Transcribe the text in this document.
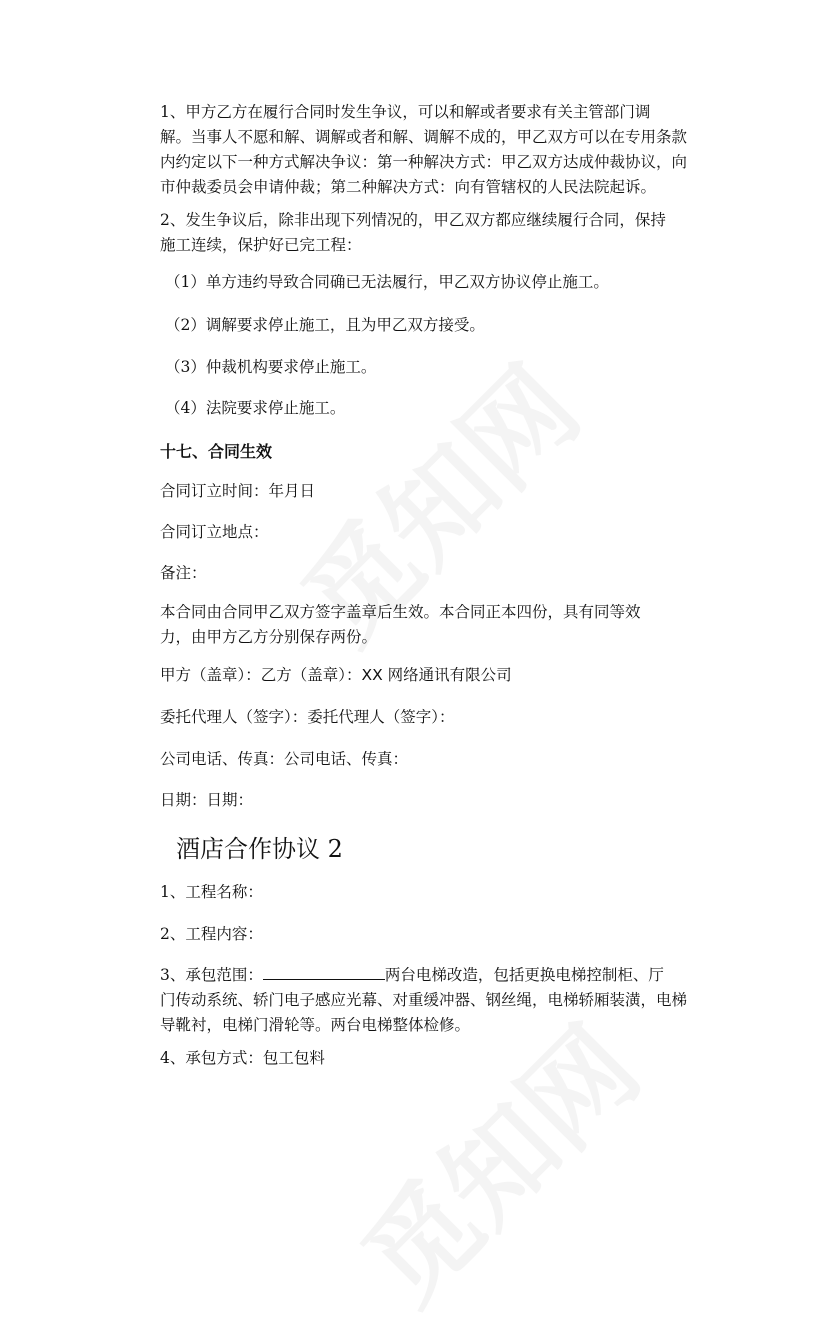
1、甲方乙方在履行合同时发生争议，可以和解或者要求有关主管部门调
解。当事人不愿和解、调解或者和解、调解不成的，甲乙双方可以在专用条款
内约定以下一种方式解决争议：第一种解决方式：甲乙双方达成仲裁协议，向
市仲裁委员会申请仲裁；第二种解决方式：向有管辖权的人民法院起诉。
2、发生争议后，除非出现下列情况的，甲乙双方都应继续履行合同，保持
施工连续，保护好已完工程：
（1）单方违约导致合同确已无法履行，甲乙双方协议停止施工。
（2）调解要求停止施工，且为甲乙双方接受。
（3）仲裁机构要求停止施工。
（4）法院要求停止施工。
十七、合同生效
合同订立时间：年月日
合同订立地点：
备注：
本合同由合同甲乙双方签字盖章后生效。本合同正本四份，具有同等效
力，由甲方乙方分别保存两份。
甲方（盖章）：乙方（盖章）：XX 网络通讯有限公司
委托代理人（签字）：委托代理人（签字）：
公司电话、传真：公司电话、传真：
日期：日期：
酒店合作协议 2
1、工程名称：
2、工程内容：
3、承包范围：	两台电梯改造，包括更换电梯控制柜、厅
门传动系统、轿门电子感应光幕、对重缓冲器、钢丝绳，电梯轿厢装潢，电梯
导靴衬，电梯门滑轮等。两台电梯整体检修。
4、承包方式：包工包料
